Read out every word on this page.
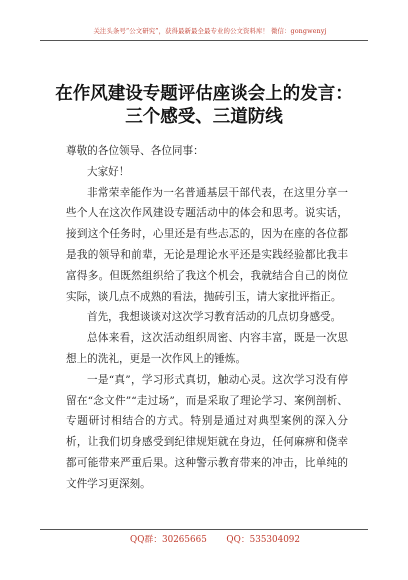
关注头条号“公文研究”，获得最新最全最专业的公文资料库！ 微信：gongwenyj
在作风建设专题评估座谈会上的发言：
三个感受、三道防线

尊敬的各位领导、各位同事：

大家好！

非常荣幸能作为一名普通基层干部代表，在这里分享一些个人在这次作风建设专题活动中的体会和思考。说实话，接到这个任务时，心里还是有些忐忑的，因为在座的各位都是我的领导和前辈，无论是理论水平还是实践经验都比我丰富得多。但既然组织给了我这个机会，我就结合自己的岗位实际，谈几点不成熟的看法，抛砖引玉，请大家批评指正。

首先，我想谈谈对这次学习教育活动的几点切身感受。

总体来看，这次活动组织周密、内容丰富，既是一次思想上的洗礼，更是一次作风上的锤炼。

一是“真”，学习形式真切，触动心灵。这次学习没有停留在“念文件”“走过场”，而是采取了理论学习、案例剖析、专题研讨相结合的方式。特别是通过对典型案例的深入分析，让我们切身感受到纪律规矩就在身边，任何麻痹和侥幸都可能带来严重后果。这种警示教育带来的冲击，比单纯的文件学习更深刻。

QQ群：30265665 QQ：535304092
